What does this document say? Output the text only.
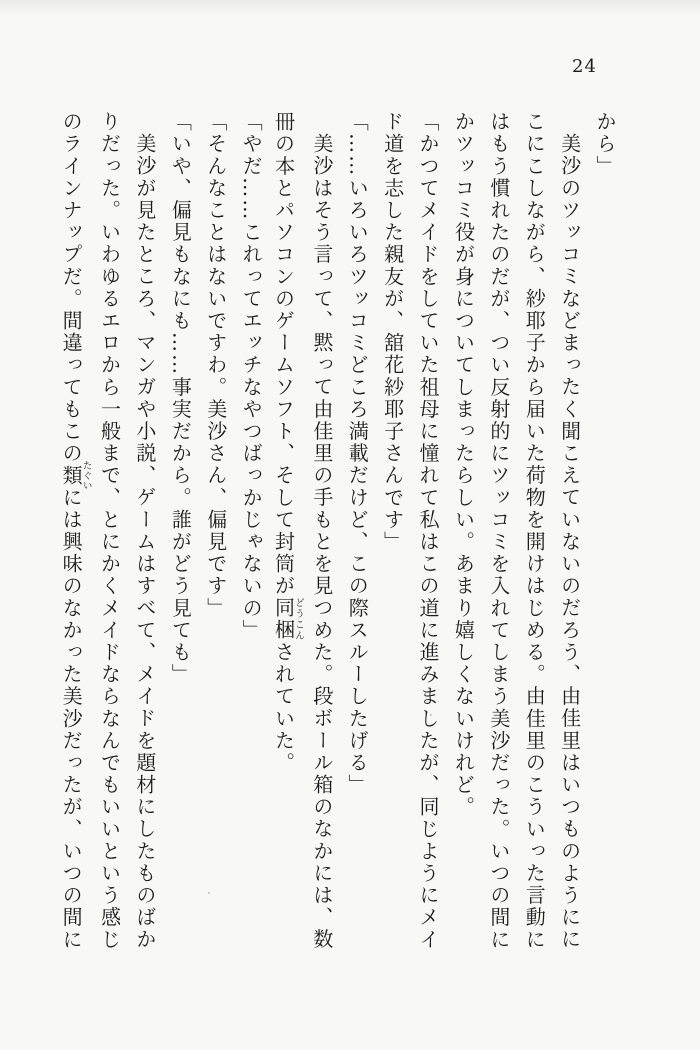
24
から」
美沙のツッコミなどまったく聞こえていないのだろう、由佳里はいつものようにに
こにこしながら、紗耶子から届いた荷物を開けはじめる。由佳里のこういった言動に
はもう慣れたのだが、つい反射的にツッコミを入れてしまう美沙だった。いつの間に
かツッコミ役が身についてしまったらしい。あまり嬉しくないけれど。
「かつてメイドをしていた祖母に憧れて私はこの道に進みましたが、同じようにメイ
ド道を志した親友が、舘花紗耶子さんです」
「……いろいろツッコミどころ満載だけど、この際スルーしたげる」
美沙はそう言って、黙って由佳里の手もとを見つめた。段ボール箱のなかには、数
冊の本とパソコンのゲームソフト、そして封筒が同梱どうこんされていた。
「やだ……これってエッチなやつばっかじゃないの」
「そんなことはないですわ。美沙さん、偏見です」
「いや、偏見もなにも……事実だから。誰がどう見ても」
美沙が見たところ、マンガや小説、ゲームはすべて、メイドを題材にしたものばか
りだった。いわゆるエロから一般まで、とにかくメイドならなんでもいいという感じ
のラインナップだ。間違ってもこの類たぐいには興味のなかった美沙だったが、いつの間に
